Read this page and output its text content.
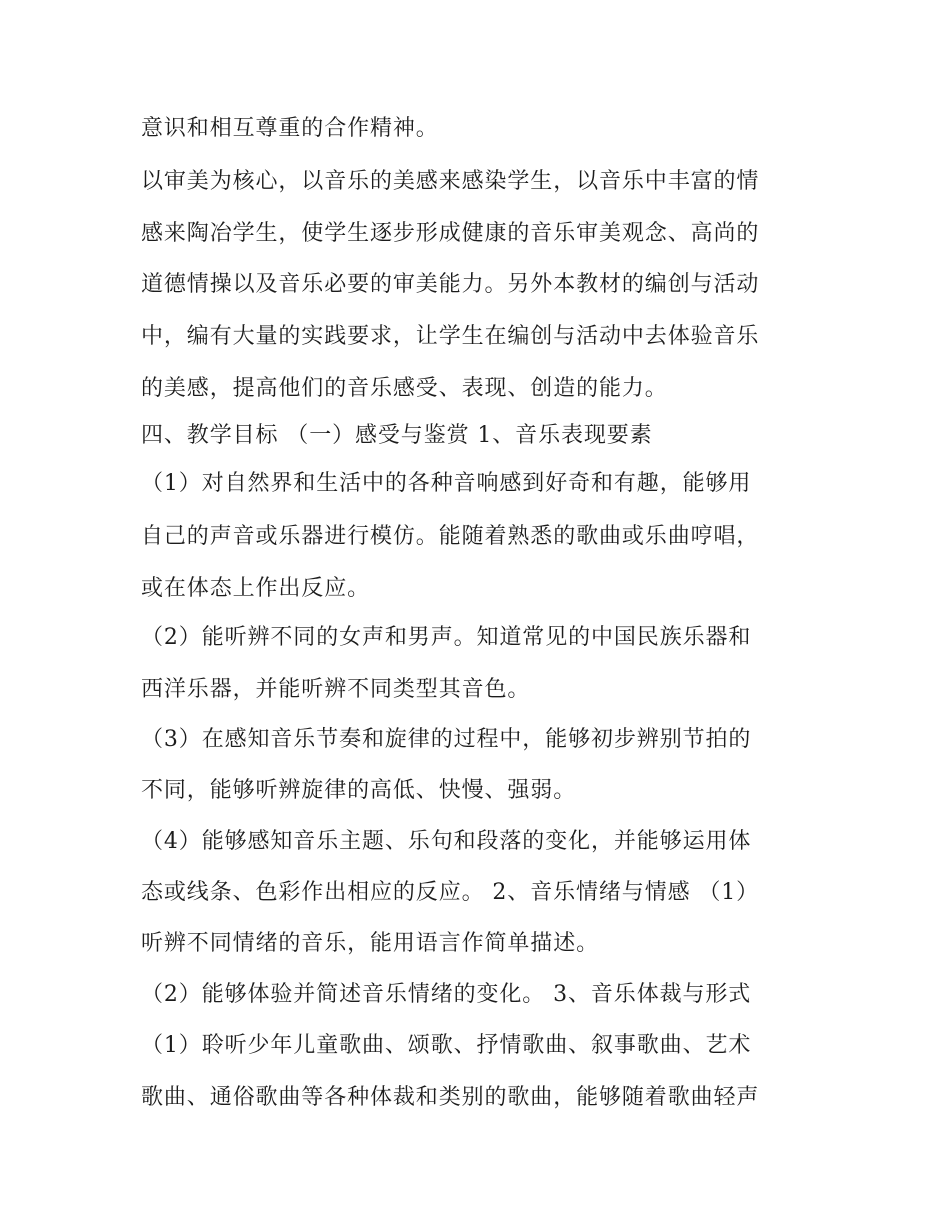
意识和相互尊重的合作精神。
以审美为核心，以音乐的美感来感染学生，以音乐中丰富的情
感来陶冶学生，使学生逐步形成健康的音乐审美观念、高尚的
道德情操以及音乐必要的审美能力。另外本教材的编创与活动
中，编有大量的实践要求，让学生在编创与活动中去体验音乐
的美感，提高他们的音乐感受、表现、创造的能力。
四、教学目标 （一）感受与鉴赏 1、音乐表现要素
（1）对自然界和生活中的各种音响感到好奇和有趣，能够用
自己的声音或乐器进行模仿。能随着熟悉的歌曲或乐曲哼唱，
或在体态上作出反应。
（2）能听辨不同的女声和男声。知道常见的中国民族乐器和
西洋乐器，并能听辨不同类型其音色。
（3）在感知音乐节奏和旋律的过程中，能够初步辨别节拍的
不同，能够听辨旋律的高低、快慢、强弱。
（4）能够感知音乐主题、乐句和段落的变化，并能够运用体
态或线条、色彩作出相应的反应。 2、音乐情绪与情感 （1）
听辨不同情绪的音乐，能用语言作简单描述。
（2）能够体验并简述音乐情绪的变化。 3、音乐体裁与形式
（1）聆听少年儿童歌曲、颂歌、抒情歌曲、叙事歌曲、艺术
歌曲、通俗歌曲等各种体裁和类别的歌曲，能够随着歌曲轻声
